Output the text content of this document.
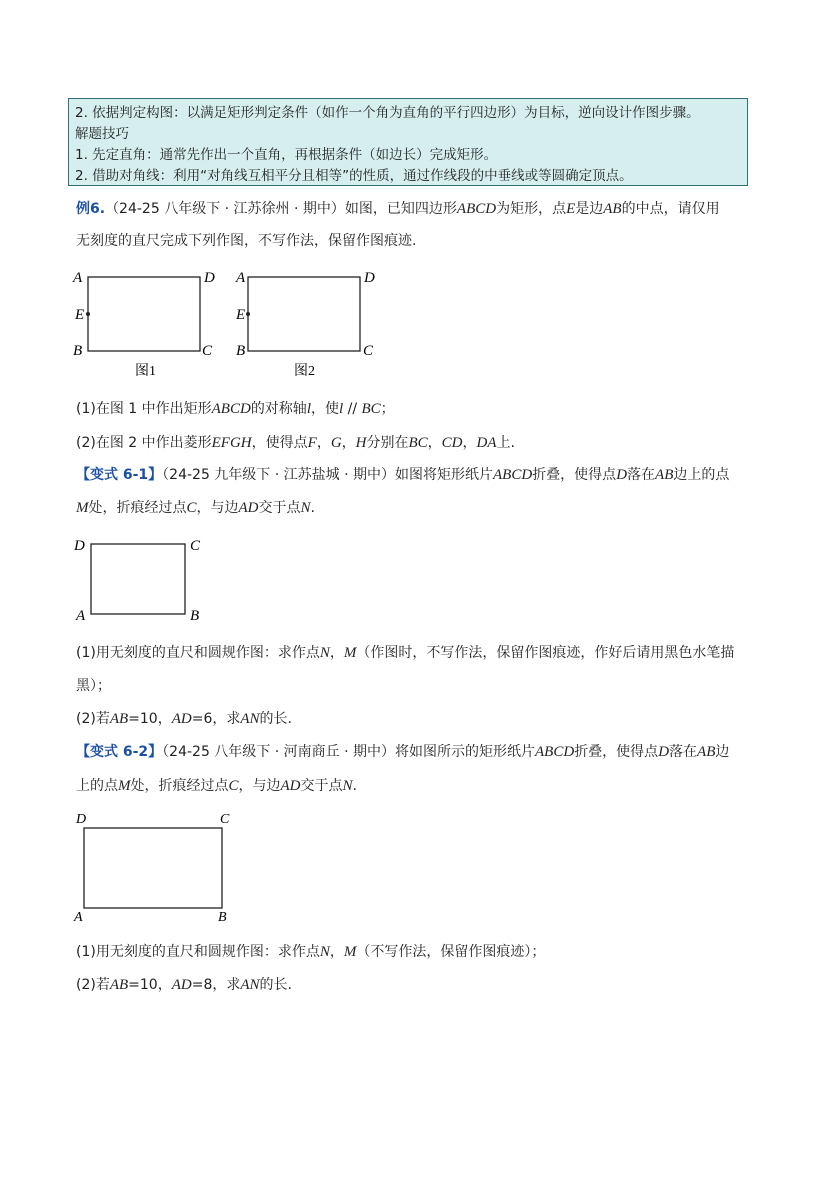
2. 依据判定构图：以满足矩形判定条件（如作一个角为直角的平行四边形）为目标，逆向设计作图步骤。
解题技巧
1. 先定直角：通常先作出一个直角，再根据条件（如边长）完成矩形。
2. 借助对角线：利用“对角线互相平分且相等”的性质，通过作线段的中垂线或等圆确定顶点。
例6.（24-25 八年级下 · 江苏徐州 · 期中）如图，已知四边形ABCD为矩形，点E是边AB的中点，请仅用
无刻度的直尺完成下列作图，不写作法，保留作图痕迹.
A	D
E
B	C
图1
A	D
E
B	C
图2
(1)在图 1 中作出矩形ABCD的对称轴l，使l // BC；
(2)在图 2 中作出菱形EFGH，使得点F，G，H分别在BC，CD，DA上.
【变式 6-1】（24-25 九年级下 · 江苏盐城 · 期中）如图将矩形纸片ABCD折叠，使得点D落在AB边上的点
M处，折痕经过点C，与边AD交于点N.
D	C
A	B
(1)用无刻度的直尺和圆规作图：求作点N，M（作图时，不写作法，保留作图痕迹，作好后请用黑色水笔描
黑）；
(2)若AB=10，AD=6，求AN的长.
【变式 6-2】（24-25 八年级下 · 河南商丘 · 期中）将如图所示的矩形纸片ABCD折叠，使得点D落在AB边
上的点M处，折痕经过点C，与边AD交于点N.
D	C
A	B
(1)用无刻度的直尺和圆规作图：求作点N，M（不写作法，保留作图痕迹）；
(2)若AB=10，AD=8，求AN的长.
